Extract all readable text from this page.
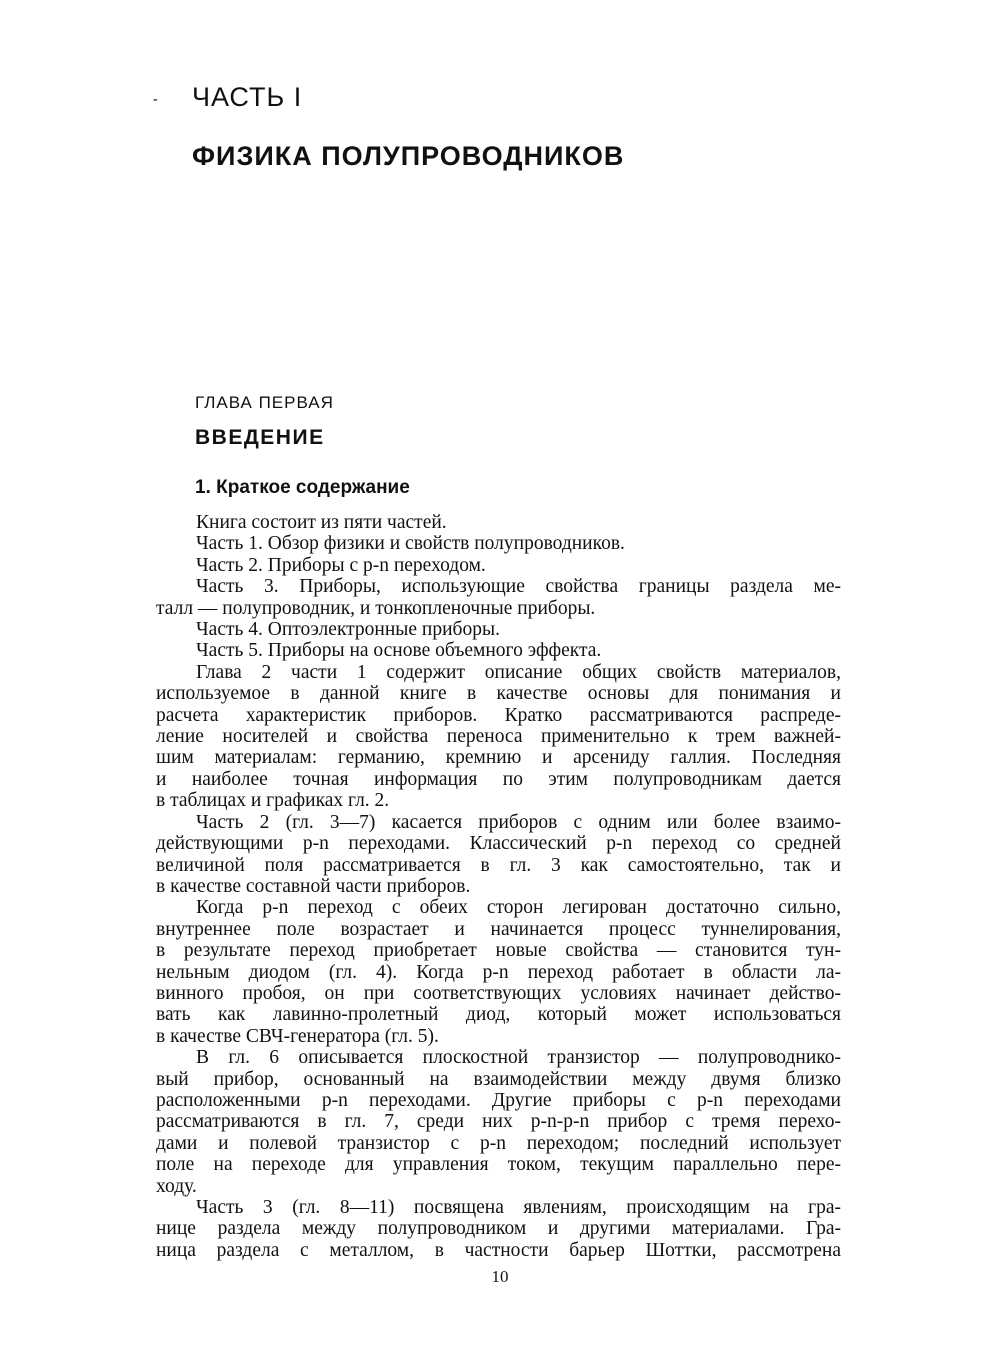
- ЧАСТЬ I
ФИЗИКА ПОЛУПРОВОДНИКОВ
ГЛАВА ПЕРВАЯ
ВВЕДЕНИЕ
1. Краткое содержание
Книга состоит из пяти частей.
Часть 1. Обзор физики и свойств полупроводников.
Часть 2. Приборы с p-n переходом.
Часть 3. Приборы, использующие свойства границы раздела ме-
талл — полупроводник, и тонкопленочные приборы.
Часть 4. Оптоэлектронные приборы.
Часть 5. Приборы на основе объемного эффекта.
Глава 2 части 1 содержит описание общих свойств материалов,
используемое в данной книге в качестве основы для понимания и
расчета характеристик приборов. Кратко рассматриваются распреде-
ление носителей и свойства переноса применительно к трем важней-
шим материалам: германию, кремнию и арсениду галлия. Последняя
и наиболее точная информация по этим полупроводникам дается
в таблицах и графиках гл. 2.
Часть 2 (гл. 3—7) касается приборов с одним или более взаимо-
действующими p-n переходами. Классический p-n переход со средней
величиной поля рассматривается в гл. 3 как самостоятельно, так и
в качестве составной части приборов.
Когда p-n переход с обеих сторон легирован достаточно сильно,
внутреннее поле возрастает и начинается процесс туннелирования,
в результате переход приобретает новые свойства — становится тун-
нельным диодом (гл. 4). Когда p-n переход работает в области ла-
винного пробоя, он при соответствующих условиях начинает действо-
вать как лавинно-пролетный диод, который может использоваться
в качестве СВЧ-генератора (гл. 5).
В гл. 6 описывается плоскостной транзистор — полупроводнико-
вый прибор, основанный на взаимодействии между двумя близко
расположенными p-n переходами. Другие приборы с p-n переходами
рассматриваются в гл. 7, среди них p-n-p-n прибор с тремя перехо-
дами и полевой транзистор с p-n переходом; последний использует
поле на переходе для управления током, текущим параллельно пере-
ходу.
Часть 3 (гл. 8—11) посвящена явлениям, происходящим на гра-
нице раздела между полупроводником и другими материалами. Гра-
ница раздела с металлом, в частности барьер Шоттки, рассмотрена
10
